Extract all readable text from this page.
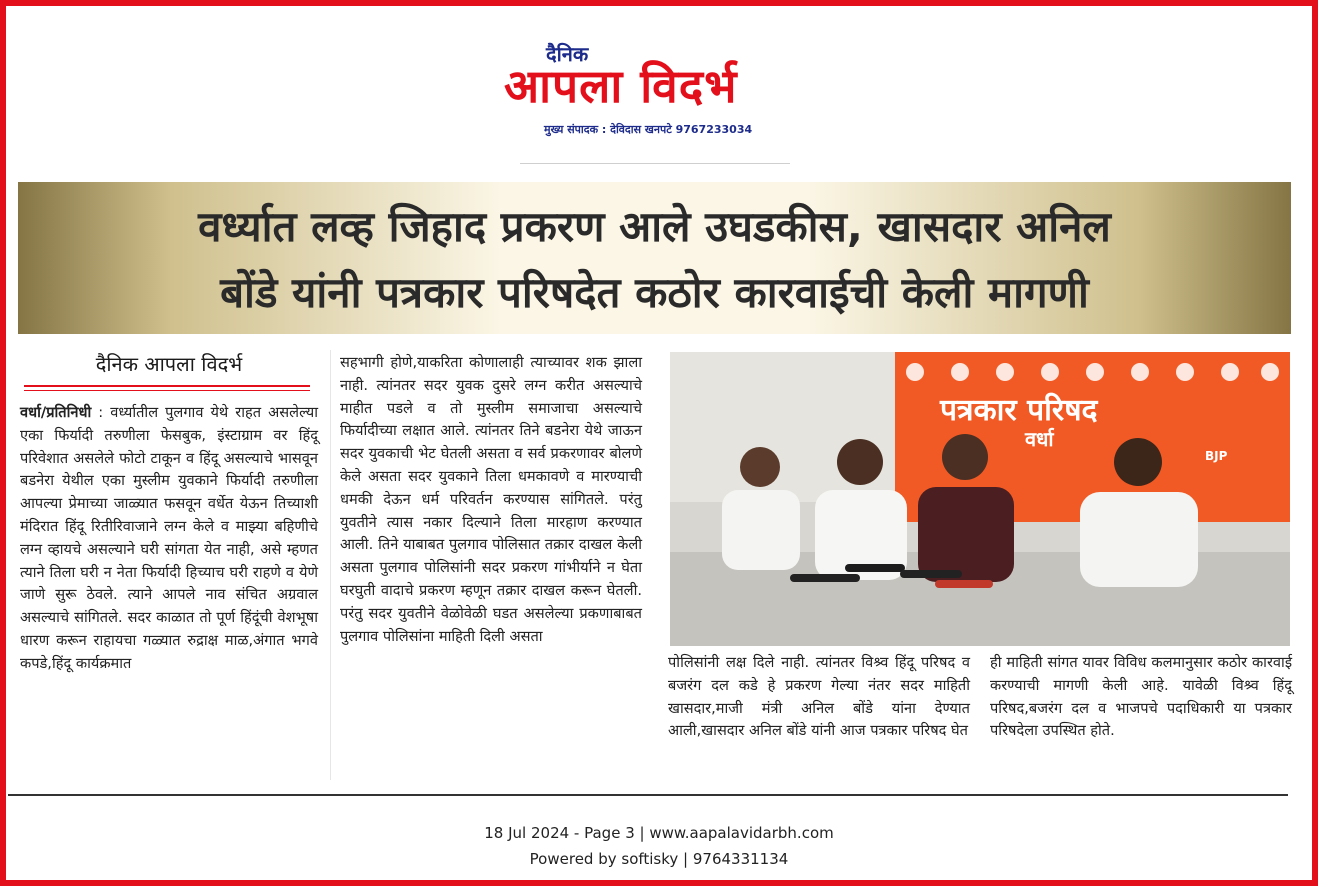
दैनिक
आपला विदर्भ
मुख्य संपादक : देविदास खनपटे 9767233034
वर्ध्यात लव्ह जिहाद प्रकरण आले उघडकीस, खासदार अनिल
बोंडे यांनी पत्रकार परिषदेत कठोर कारवाईची केली मागणी
दैनिक आपला विदर्भ
वर्धा/प्रतिनिधी : वर्ध्यातील पुलगाव येथे राहत असलेल्या एका फिर्यादी तरुणीला फेसबुक, इंस्टाग्राम वर हिंदू परिवेशात असलेले फोटो टाकून व हिंदू असल्याचे भासवून बडनेरा येथील एका मुस्लीम युवकाने फिर्यादी तरुणीला आपल्या प्रेमाच्या जाळ्यात फसवून वर्धेत येऊन तिच्याशी मंदिरात हिंदू रितीरिवाजाने लग्न केले व माझ्या बहिणीचे लग्न व्हायचे असल्याने घरी सांगता येत नाही, असे म्हणत त्याने तिला घरी न नेता फिर्यादी हिच्याच घरी राहणे व येणे जाणे सुरू ठेवले. त्याने आपले नाव संचित अग्रवाल असल्याचे सांगितले. सदर काळात तो पूर्ण हिंदूंची वेशभूषा धारण करून राहायचा गळ्यात रुद्राक्ष माळ,अंगात भगवे कपडे,हिंदू कार्यक्रमात
सहभागी होणे,याकरिता कोणालाही त्याच्यावर शक झाला नाही. त्यांनतर सदर युवक दुसरे लग्न करीत असल्याचे माहीत पडले व तो मुस्लीम समाजाचा असल्याचे फिर्यादीच्या लक्षात आले. त्यांनतर तिने बडनेरा येथे जाऊन सदर युवकाची भेट घेतली असता व सर्व प्रकरणावर बोलणे केले असता सदर युवकाने तिला धमकावणे व मारण्याची धमकी देऊन धर्म परिवर्तन करण्यास सांगितले. परंतु युवतीने त्यास नकार दिल्याने तिला मारहाण करण्यात आली. तिने याबाबत पुलगाव पोलिसात तक्रार दाखल केली असता पुलगाव पोलिसांनी सदर प्रकरण गांभीर्याने न घेता घरघुती वादाचे प्रकरण म्हणून तक्रार दाखल करून घेतली. परंतु सदर युवतीने वेळोवेळी घडत असलेल्या प्रकणाबाबत पुलगाव पोलिसांना माहिती दिली असता
पत्रकार परिषद
वर्धा
BJP
पोलिसांनी लक्ष दिले नाही. त्यांनतर विश्र्व हिंदू परिषद व बजरंग दल कडे हे प्रकरण गेल्या नंतर सदर माहिती खासदार,माजी मंत्री अनिल बोंडे यांना देण्यात आली,खासदार अनिल बोंडे यांनी आज पत्रकार परिषद घेत
ही माहिती सांगत यावर विविध कलमानुसार कठोर कारवाई करण्याची मागणी केली आहे. यावेळी विश्र्व हिंदू परिषद,बजरंग दल व भाजपचे पदाधिकारी या पत्रकार परिषदेला उपस्थित होते.
18 Jul 2024 - Page 3 | www.aapalavidarbh.com
Powered by softisky | 9764331134
